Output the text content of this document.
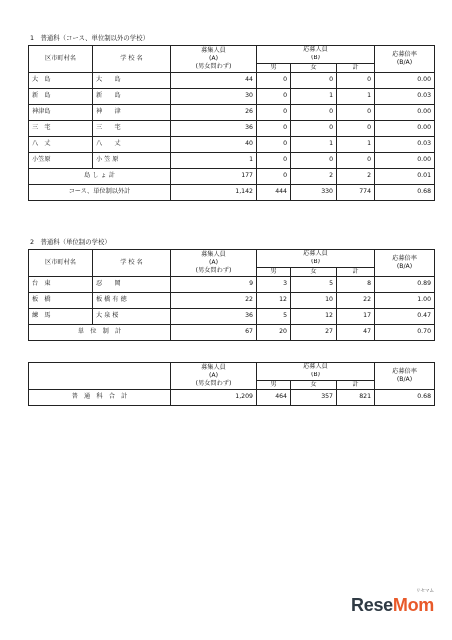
1　普通科（コース、単位制以外の学校）
区市町村名	学 校 名	募集人員
(A)
(男女問わず)	応募人員			応募倍率
(B/A)

			(B)			
			男	女	計	
大　島	大　　島	44	0	0	0	0.00
新　島	新　　島	30	0	1	1	0.03
神津島	神　　津	26	0	0	0	0.00
三　宅	三　　宅	36	0	0	0	0.00
八　丈	八　　丈	40	0	1	1	0.03
小笠原	小 笠 原	1	0	0	0	0.00
島 し ょ 計		177	0	2	2	0.01
コース、単位制以外計		1,142	444	330	774	0.68
2　普通科（単位制の学校）
区市町村名	学 校 名	募集人員
(A)
(男女問わず)	応募人員			応募倍率
(B/A)

			(B)			
			男	女	計	
台　東	忍　　岡	9	3	5	8	0.89
板　橋	板 橋 有 徳	22	12	10	22	1.00
練　馬	大 泉 桜	36	5	12	17	0.47
単　位　制　計		67	20	27	47	0.70

	募集人員
(A)
(男女問わず)	応募人員			応募倍率
(B/A)

		(B)			
		男	女	計	
普　通　科　合　計	1,209	464	357	821	0.68
ReseMom
リセマム
